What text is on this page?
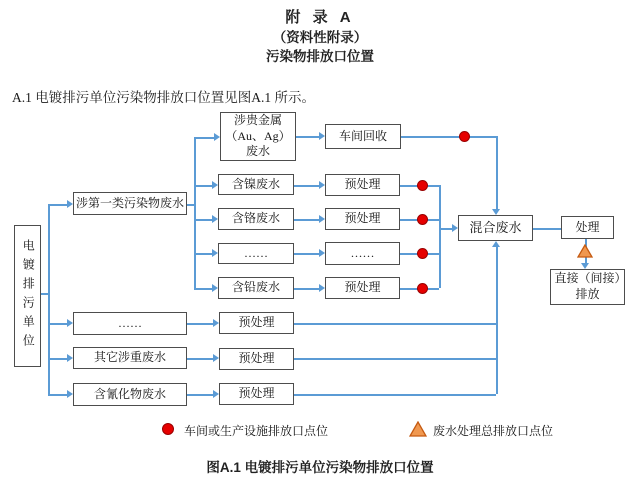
附 录 A
（资料性附录）
污染物排放口位置
A.1 电镀排污单位污染物排放口位置见图A.1 所示。
电镀排污单位
涉第一类污染物废水
涉贵金属（Au、Ag）废水
车间回收
含镍废水	预处理
含铬废水	预处理
……	……
含铅废水	预处理
混合废水	处理
直接（间接）排放
……	预处理
其它涉重废水	预处理
含氰化物废水	预处理
车间或生产设施排放口点位	废水处理总排放口点位
图A.1 电镀排污单位污染物排放口位置
